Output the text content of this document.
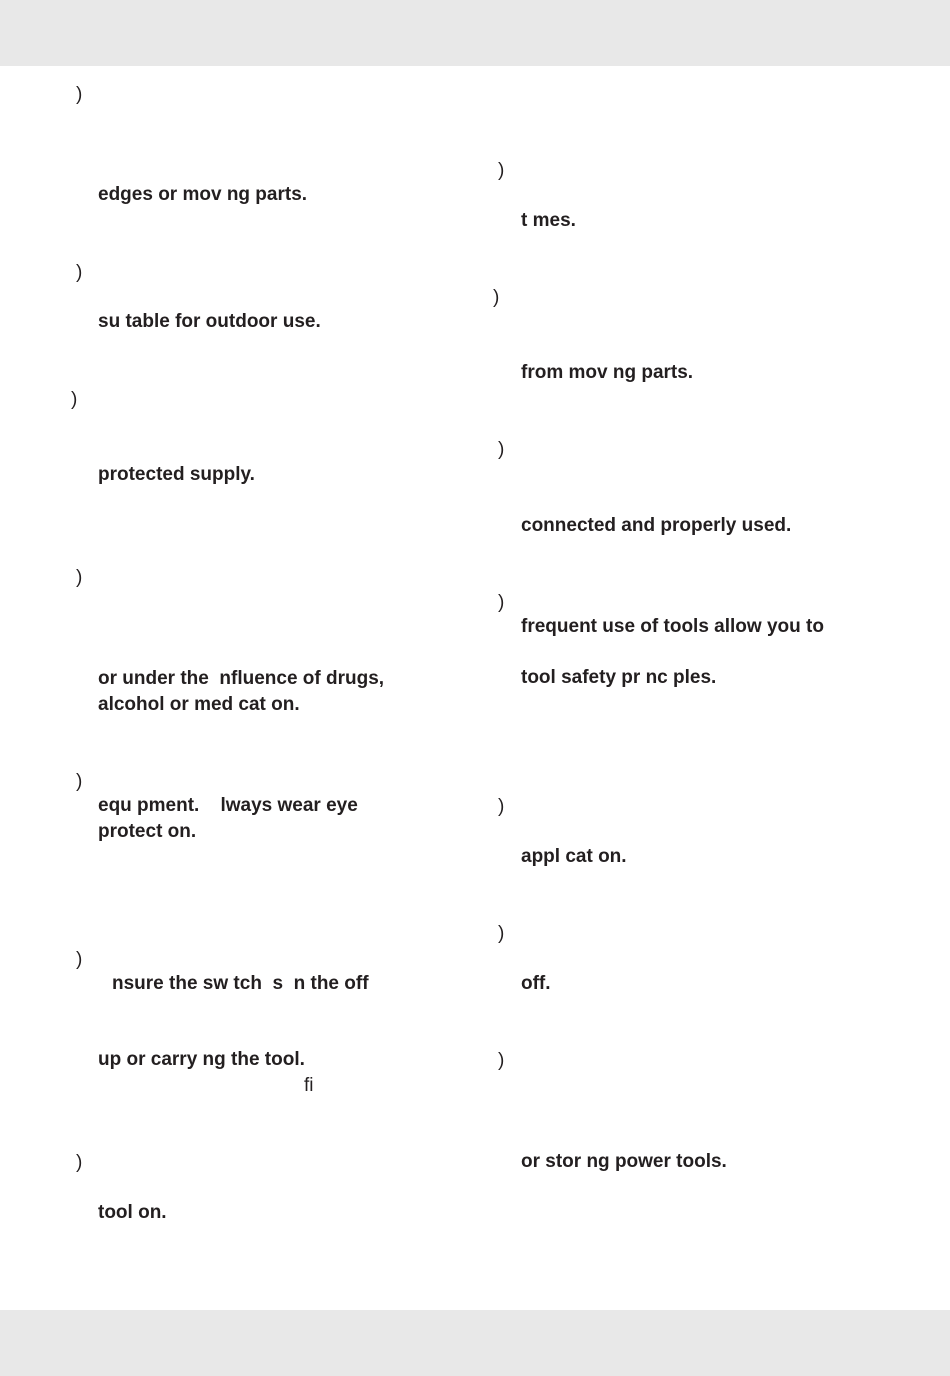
)
edges or mov ng parts.
)
su table for outdoor use.
)
protected supply.
)
or under the  nfluence of drugs,
alcohol or med cat on.
)
equ pment.    lways wear eye
protect on.
)
nsure the sw tch  s  n the off
up or carry ng the tool.
fi
)
tool on.
)
t mes.
)
from mov ng parts.
)
connected and properly used.
)
frequent use of tools allow you to
tool safety pr nc ples.
)
appl cat on.
)
off.
)
or stor ng power tools.
